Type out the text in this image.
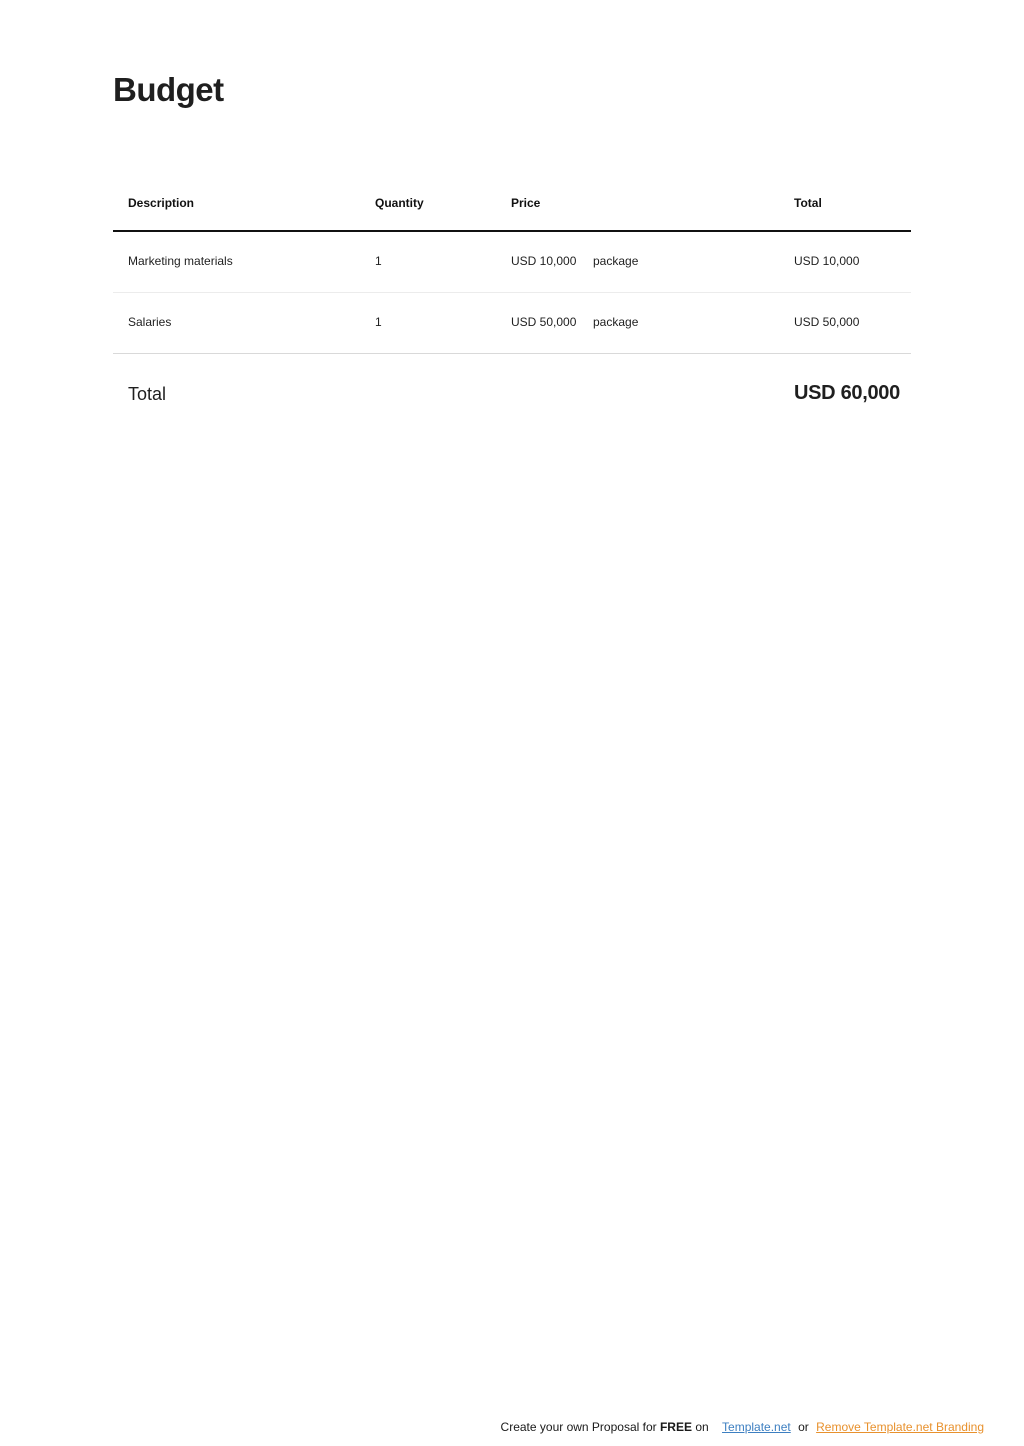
Budget
Description	Quantity	Price	Total
Marketing materials	1	USD 10,000 package	USD 10,000
Salaries	1	USD 50,000 package	USD 50,000
Total	USD 60,000
Create your own Proposal for FREE on Template.net or Remove Template.net Branding
